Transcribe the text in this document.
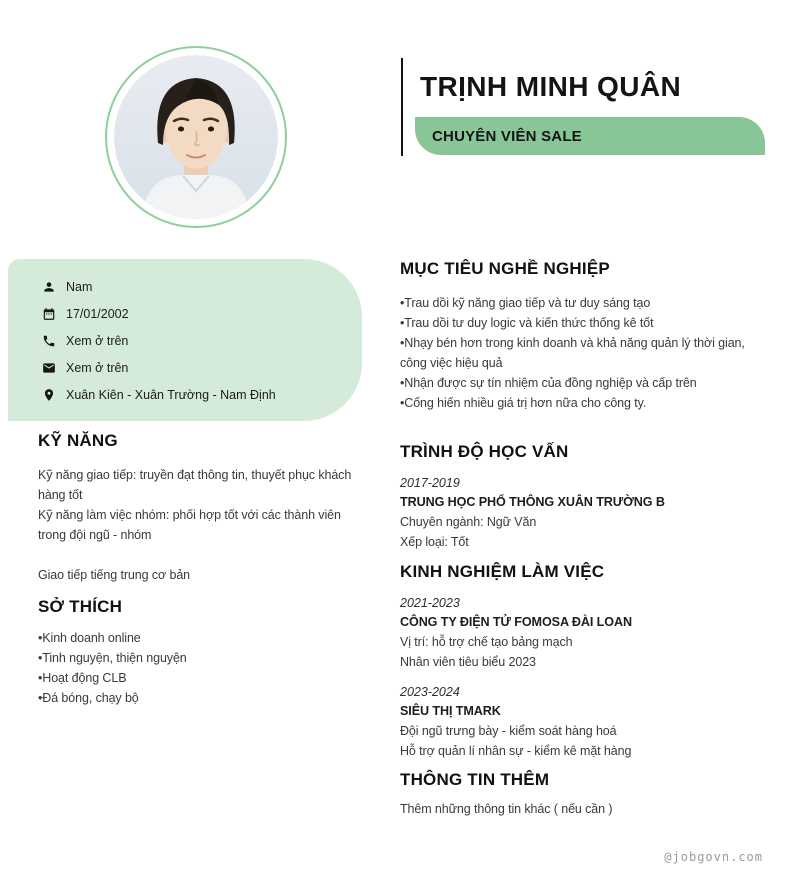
TRỊNH MINH QUÂN
CHUYÊN VIÊN SALE
Nam
17/01/2002
Xem ở trên
Xem ở trên
Xuân Kiên - Xuân Trường - Nam Định
KỸ NĂNG
Kỹ năng giao tiếp: truyền đạt thông tin, thuyết phục khách hàng tốt
Kỹ năng làm việc nhóm: phối hợp tốt với các thành viên trong đội ngũ - nhóm
Giao tiếp tiếng trung cơ bản
SỞ THÍCH
•Kinh doanh online
•Tinh nguyện, thiện nguyện
•Hoạt động CLB
•Đá bóng, chạy bộ
MỤC TIÊU NGHỀ NGHIỆP
•Trau dồi kỹ năng giao tiếp và tư duy sáng tạo
•Trau dồi tư duy logic và kiến thức thống kê tốt
•Nhạy bén hơn trong kinh doanh và khả năng quản lý thời gian, công việc hiệu quả
•Nhận được sự tín nhiệm của đồng nghiệp và cấp trên
•Cống hiến nhiều giá trị hơn nữa cho công ty.
TRÌNH ĐỘ HỌC VẤN
2017-2019
TRUNG HỌC PHỔ THÔNG XUÂN TRƯỜNG B
Chuyên ngành: Ngữ Văn
Xếp loại: Tốt
KINH NGHIỆM LÀM VIỆC
2021-2023
CÔNG TY ĐIỆN TỬ FOMOSA ĐÀI LOAN
Vị trí: hỗ trợ chế tạo bảng mạch
Nhân viên tiêu biểu 2023
2023-2024
SIÊU THỊ TMARK
Đội ngũ trưng bày - kiểm soát hàng hoá
Hỗ trợ quản lí nhân sự - kiểm kê mặt hàng
THÔNG TIN THÊM
Thêm những thông tin khác ( nếu cần )
@jobgovn.com
